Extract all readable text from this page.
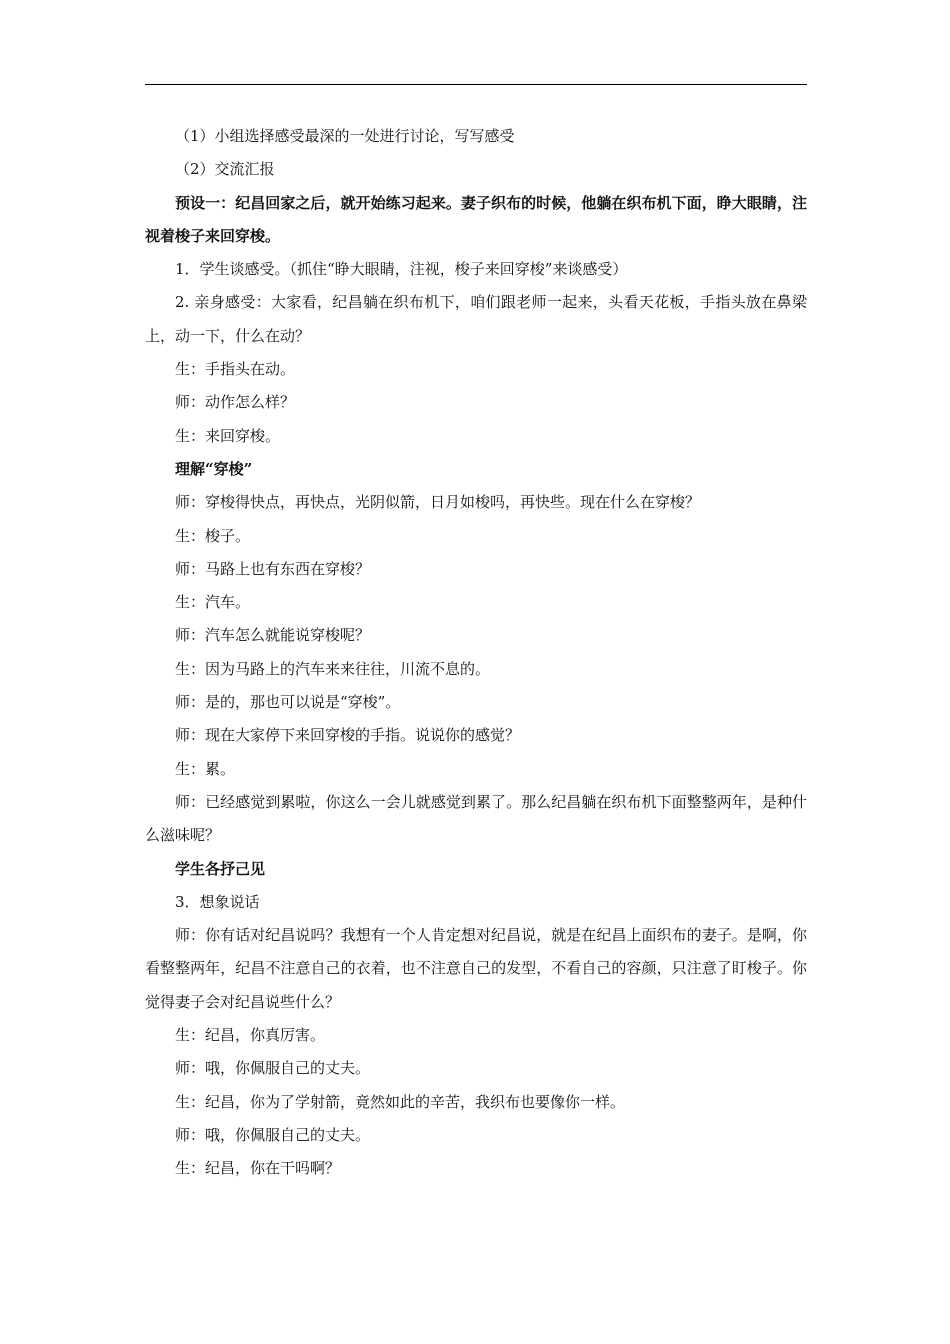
（1）小组选择感受最深的一处进行讨论，写写感受

（2）交流汇报

预设一：纪昌回家之后，就开始练习起来。妻子织布的时候，他躺在织布机下面，睁大眼睛，注视着梭子来回穿梭。

1．学生谈感受。（抓住“睁大眼睛，注视，梭子来回穿梭”来谈感受）

2. 亲身感受：大家看，纪昌躺在织布机下，咱们跟老师一起来，头看天花板，手指头放在鼻梁上，动一下，什么在动？

生：手指头在动。

师：动作怎么样？

生：来回穿梭。

理解“穿梭”

师：穿梭得快点，再快点，光阴似箭，日月如梭吗，再快些。现在什么在穿梭？

生：梭子。

师：马路上也有东西在穿梭？

生：汽车。

师：汽车怎么就能说穿梭呢？

生：因为马路上的汽车来来往往，川流不息的。

师：是的，那也可以说是“穿梭”。

师：现在大家停下来回穿梭的手指。说说你的感觉？

生：累。

师：已经感觉到累啦，你这么一会儿就感觉到累了。那么纪昌躺在织布机下面整整两年，是种什么滋味呢？

学生各抒己见

3．想象说话

师：你有话对纪昌说吗？我想有一个人肯定想对纪昌说，就是在纪昌上面织布的妻子。是啊，你看整整两年，纪昌不注意自己的衣着，也不注意自己的发型，不看自己的容颜，只注意了盯梭子。你觉得妻子会对纪昌说些什么？

生：纪昌，你真厉害。

师：哦，你佩服自己的丈夫。

生：纪昌，你为了学射箭，竟然如此的辛苦，我织布也要像你一样。

师：哦，你佩服自己的丈夫。

生：纪昌，你在干吗啊？
